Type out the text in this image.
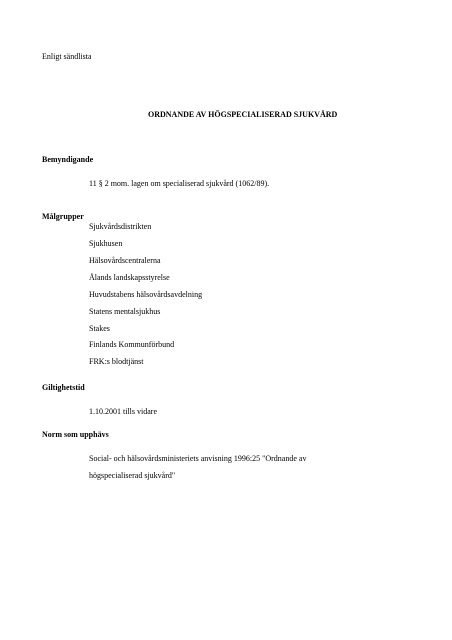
Enligt sändlista
ORDNANDE AV HÖGSPECIALISERAD SJUKVÅRD
Bemyndigande
11 § 2 mom. lagen om specialiserad sjukvård (1062/89).
Målgrupper
Sjukvårdsdistrikten
Sjukhusen
Hälsovårdscentralerna
Ålands landskapsstyrelse
Huvudstabens hälsovårdsavdelning
Statens mentalsjukhus
Stakes
Finlands Kommunförbund
FRK:s blodtjänst
Giltighetstid
1.10.2001 tills vidare
Norm som upphävs
Social- och hälsovårdsministeriets anvisning 1996:25 "Ordnande av
högspecialiserad sjukvård"
